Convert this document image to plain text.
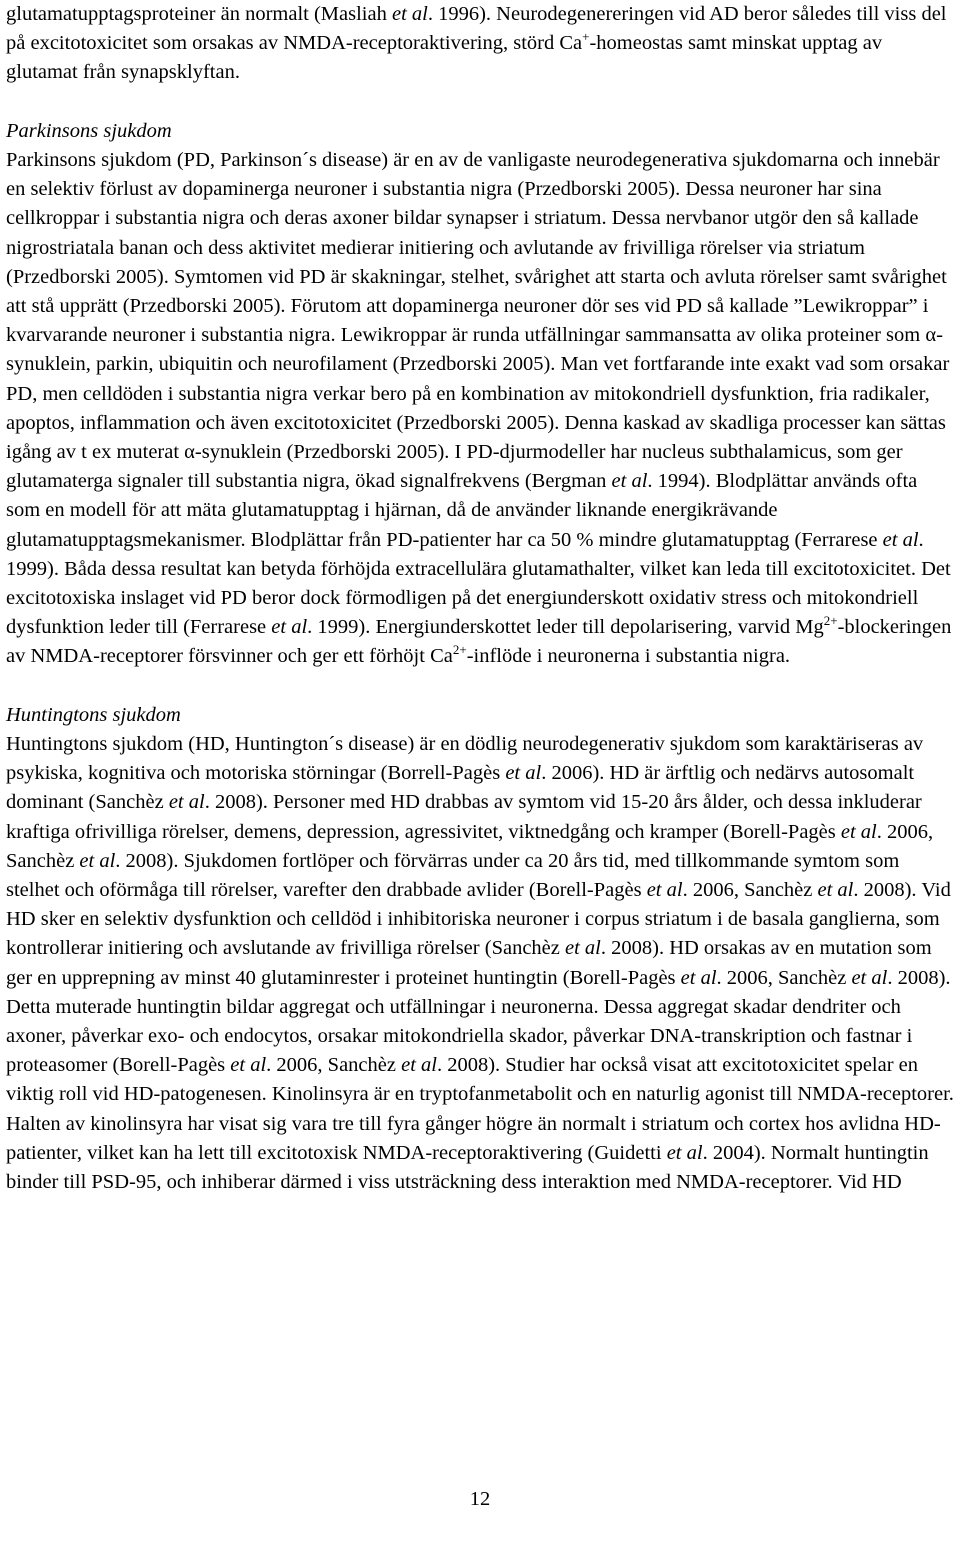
glutamatupptagsproteiner än normalt (Masliah et al. 1996). Neurodegenereringen vid AD beror således till viss del på excitotoxicitet som orsakas av NMDA-receptoraktivering, störd Ca+-homeostas samt minskat upptag av glutamat från synapsklyftan.

Parkinsons sjukdom

Parkinsons sjukdom (PD, Parkinson´s disease) är en av de vanligaste neurodegenerativa sjukdomarna och innebär en selektiv förlust av dopaminerga neuroner i substantia nigra (Przedborski 2005). Dessa neuroner har sina cellkroppar i substantia nigra och deras axoner bildar synapser i striatum. Dessa nervbanor utgör den så kallade nigrostriatala banan och dess aktivitet medierar initiering och avlutande av frivilliga rörelser via striatum (Przedborski 2005). Symtomen vid PD är skakningar, stelhet, svårighet att starta och avluta rörelser samt svårighet att stå upprätt (Przedborski 2005). Förutom att dopaminerga neuroner dör ses vid PD så kallade ”Lewikroppar” i kvarvarande neuroner i substantia nigra. Lewikroppar är runda utfällningar sammansatta av olika proteiner som α-synuklein, parkin, ubiquitin och neurofilament (Przedborski 2005). Man vet fortfarande inte exakt vad som orsakar PD, men celldöden i substantia nigra verkar bero på en kombination av mitokondriell dysfunktion, fria radikaler, apoptos, inflammation och även excitotoxicitet (Przedborski 2005). Denna kaskad av skadliga processer kan sättas igång av t ex muterat α-synuklein (Przedborski 2005). I PD-djurmodeller har nucleus subthalamicus, som ger glutamaterga signaler till substantia nigra, ökad signalfrekvens (Bergman et al. 1994). Blodplättar används ofta som en modell för att mäta glutamatupptag i hjärnan, då de använder liknande energikrävande glutamatupptagsmekanismer. Blodplättar från PD-patienter har ca 50 % mindre glutamatupptag (Ferrarese et al. 1999). Båda dessa resultat kan betyda förhöjda extracellulära glutamathalter, vilket kan leda till excitotoxicitet. Det excitotoxiska inslaget vid PD beror dock förmodligen på det energiunderskott oxidativ stress och mitokondriell dysfunktion leder till (Ferrarese et al. 1999). Energiunderskottet leder till depolarisering, varvid $Mg^{2+}$-blockeringen av NMDA-receptorer försvinner och ger ett förhöjt $Ca^{2+}$-inflöde i neuronerna i substantia nigra.

Huntingtons sjukdom

Huntingtons sjukdom (HD, Huntington´s disease) är en dödlig neurodegenerativ sjukdom som karaktäriseras av psykiska, kognitiva och motoriska störningar (Borrell-Pagès et al. 2006). HD är ärftlig och nedärvs autosomalt dominant (Sanchèz et al. 2008). Personer med HD drabbas av symtom vid 15-20 års ålder, och dessa inkluderar kraftiga ofrivilliga rörelser, demens, depression, agressivitet, viktnedgång och kramper (Borell-Pagès et al. 2006, Sanchèz et al. 2008). Sjukdomen fortlöper och förvärras under ca 20 års tid, med tillkommande symtom som stelhet och oförmåga till rörelser, varefter den drabbade avlider (Borell-Pagès et al. 2006, Sanchèz et al. 2008). Vid HD sker en selektiv dysfunktion och celldöd i inhibitoriska neuroner i corpus striatum i de basala ganglierna, som kontrollerar initiering och avslutande av frivilliga rörelser (Sanchèz et al. 2008). HD orsakas av en mutation som ger en upprepning av minst 40 glutaminrester i proteinet huntingtin (Borell-Pagès et al. 2006, Sanchèz et al. 2008). Detta muterade huntingtin bildar aggregat och utfällningar i neuronerna. Dessa aggregat skadar dendriter och axoner, påverkar exo- och endocytos, orsakar mitokondriella skador, påverkar DNA-transkription och fastnar i proteasomer (Borell-Pagès et al. 2006, Sanchèz et al. 2008). Studier har också visat att excitotoxicitet spelar en viktig roll vid HD-patogenesen. Kinolinsyra är en tryptofanmetabolit och en naturlig agonist till NMDA-receptorer. Halten av kinolinsyra har visat sig vara tre till fyra gånger högre än normalt i striatum och cortex hos avlidna HD-patienter, vilket kan ha lett till excitotoxisk NMDA-receptoraktivering (Guidetti et al. 2004). Normalt huntingtin binder till PSD-95, och inhiberar därmed i viss utsträckning dess interaktion med NMDA-receptorer. Vid HD

12
